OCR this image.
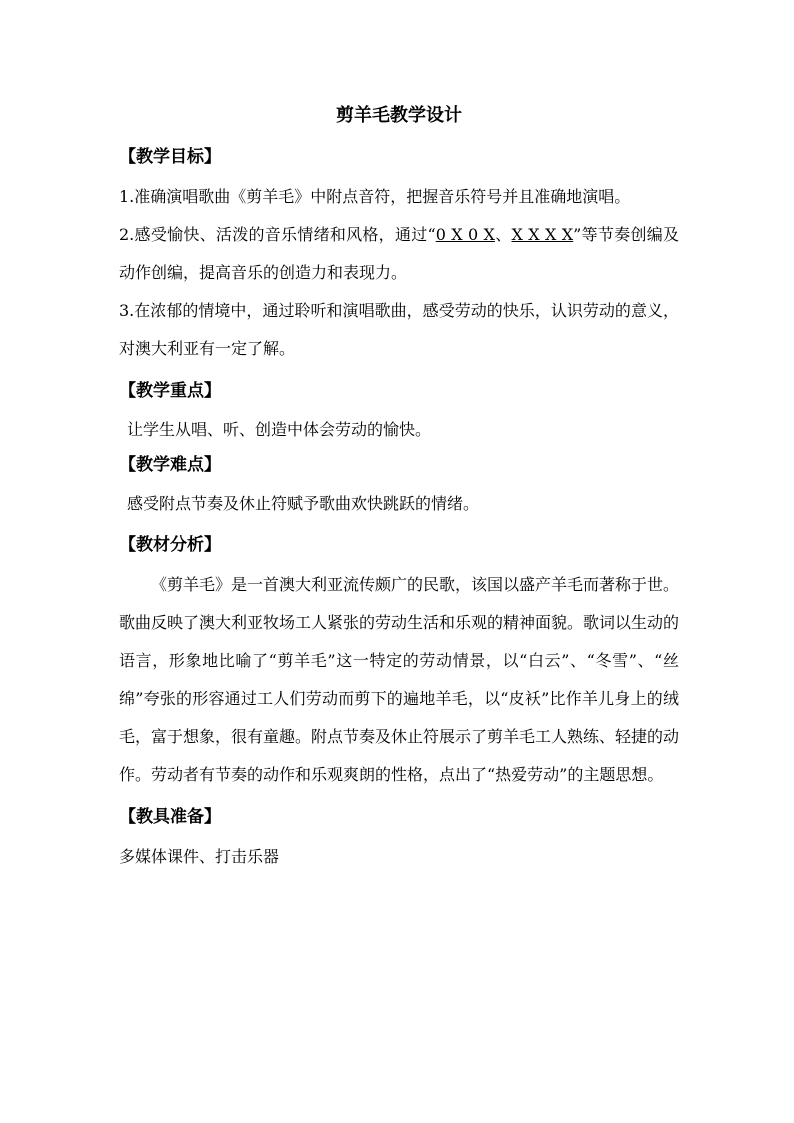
剪羊毛教学设计
【教学目标】
1.准确演唱歌曲《剪羊毛》中附点音符，把握音乐符号并且准确地演唱。
2.感受愉快、活泼的音乐情绪和风格，通过“0 X 0 X、X X X X”等节奏创编及动作创编，提高音乐的创造力和表现力。
3.在浓郁的情境中，通过聆听和演唱歌曲，感受劳动的快乐，认识劳动的意义，对澳大利亚有一定了解。
【教学重点】
让学生从唱、听、创造中体会劳动的愉快。
【教学难点】
感受附点节奏及休止符赋予歌曲欢快跳跃的情绪。
【教材分析】
《剪羊毛》是一首澳大利亚流传颇广的民歌，该国以盛产羊毛而著称于世。歌曲反映了澳大利亚牧场工人紧张的劳动生活和乐观的精神面貌。歌词以生动的语言，形象地比喻了“剪羊毛”这一特定的劳动情景，以“白云”、“冬雪”、“丝绵”夸张的形容通过工人们劳动而剪下的遍地羊毛，以“皮袄”比作羊儿身上的绒毛，富于想象，很有童趣。附点节奏及休止符展示了剪羊毛工人熟练、轻捷的动作。劳动者有节奏的动作和乐观爽朗的性格，点出了“热爱劳动”的主题思想。
【教具准备】
多媒体课件、打击乐器
